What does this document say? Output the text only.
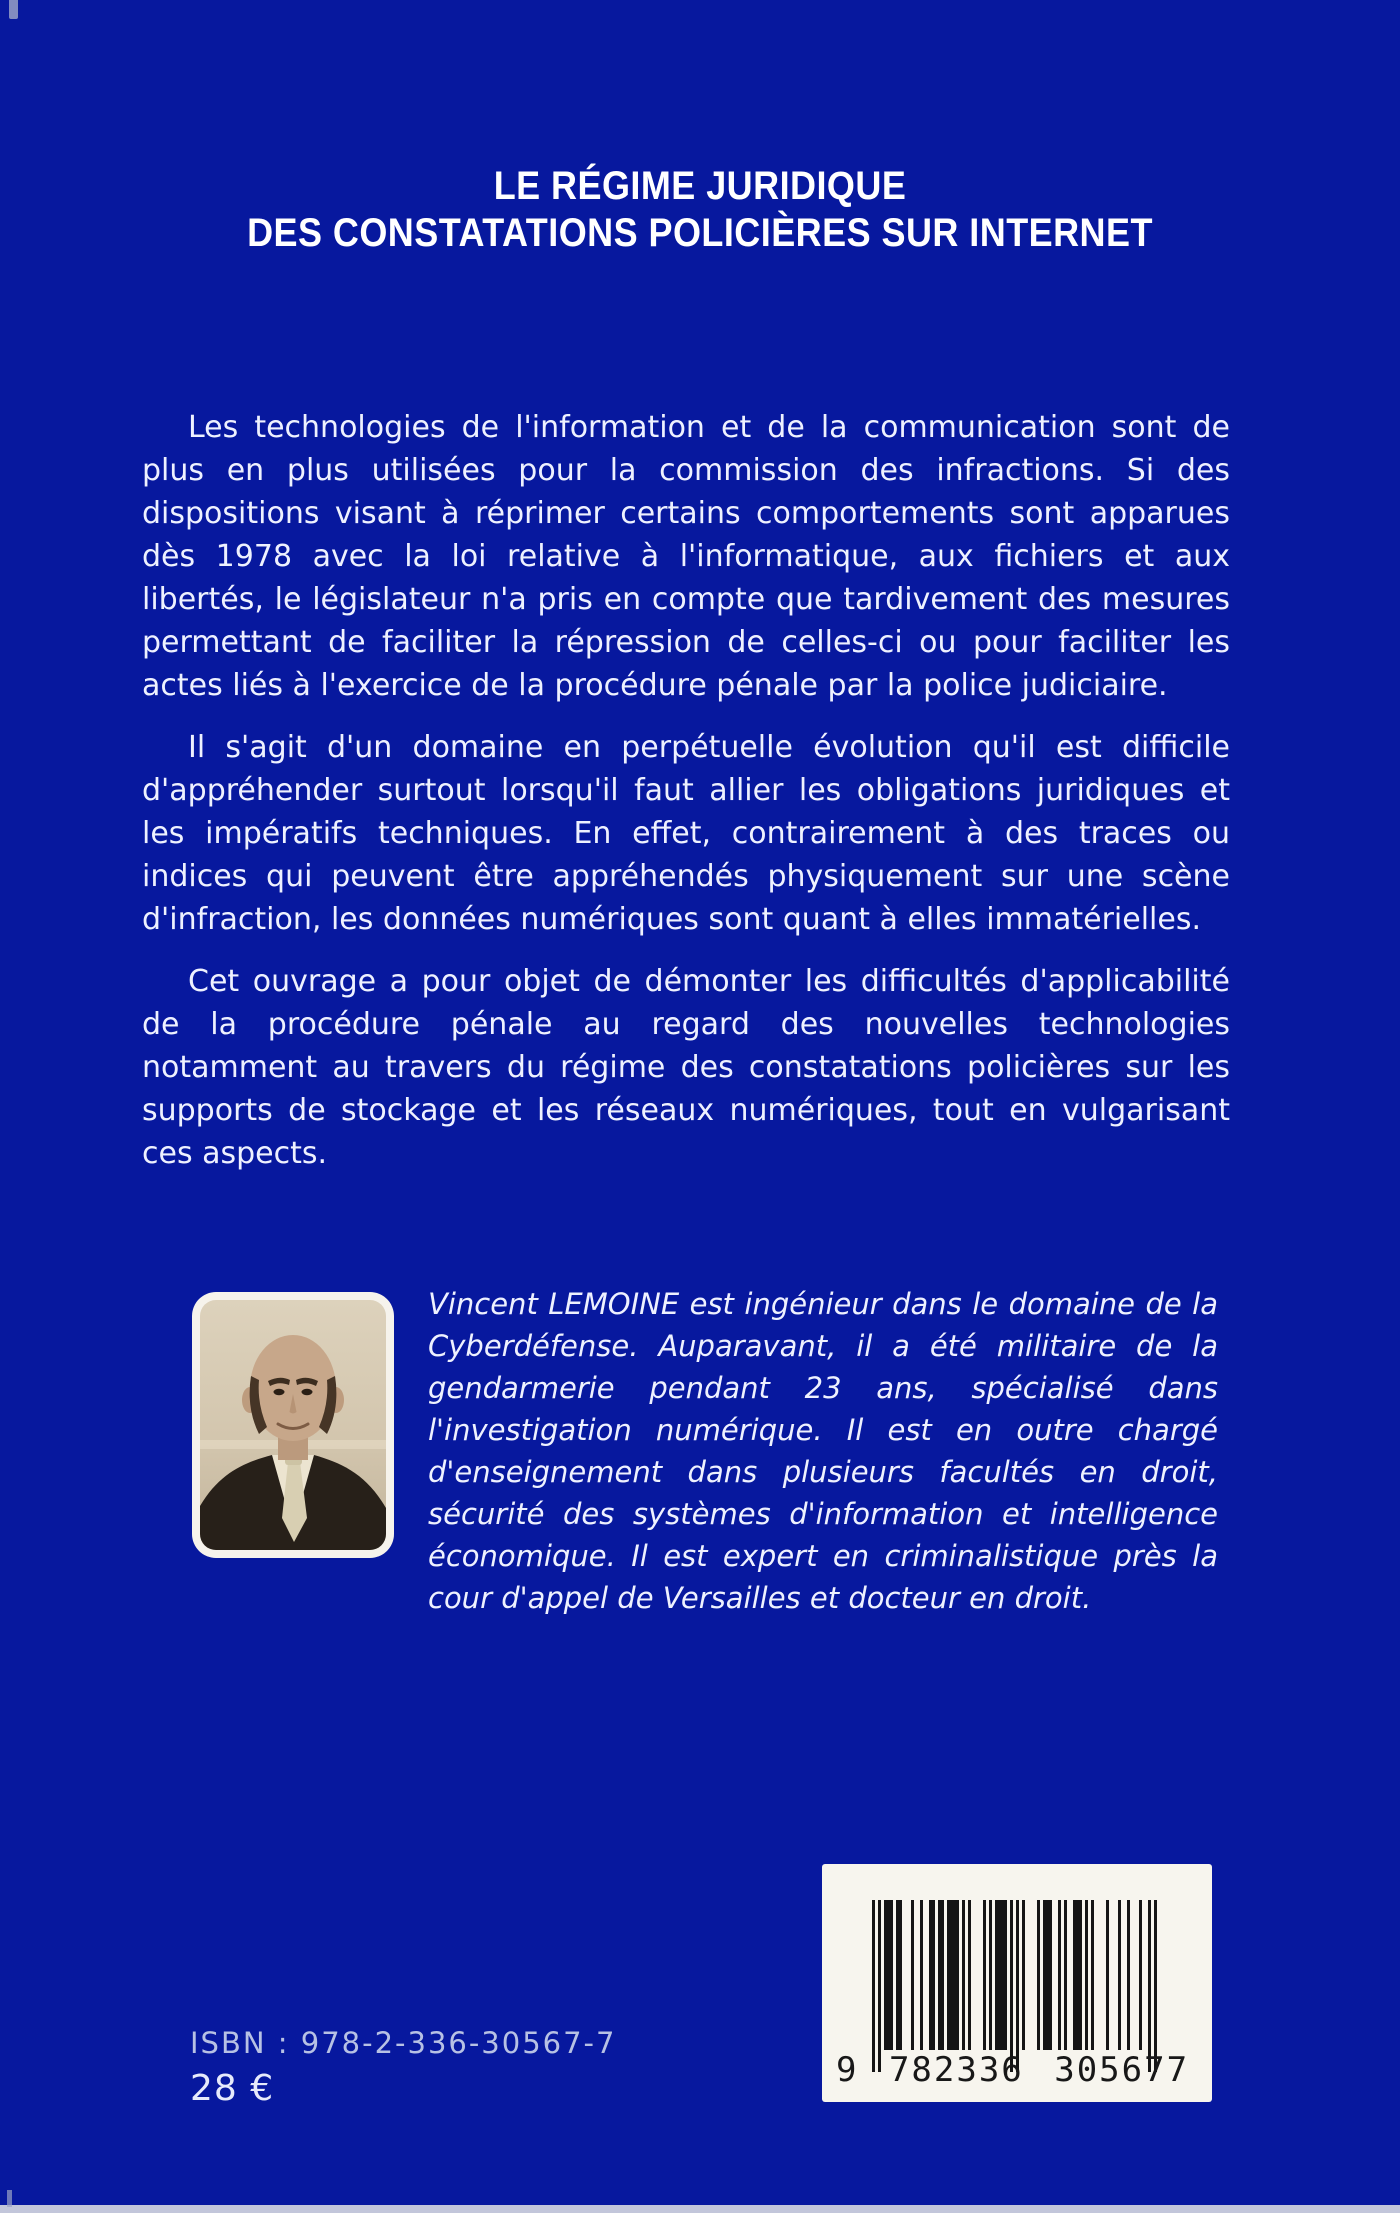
LE RÉGIME JURIDIQUE
DES CONSTATATIONS POLICIÈRES SUR INTERNET

Les technologies de l'information et de la communication sont de plus en plus utilisées pour la commission des infractions. Si des dispositions visant à réprimer certains comportements sont apparues dès 1978 avec la loi relative à l'informatique, aux fichiers et aux libertés, le législateur n'a pris en compte que tardivement des mesures permettant de faciliter la répression de celles-ci ou pour faciliter les actes liés à l'exercice de la procédure pénale par la police judiciaire.

Il s'agit d'un domaine en perpétuelle évolution qu'il est difficile d'appréhender surtout lorsqu'il faut allier les obligations juridiques et les impératifs techniques. En effet, contrairement à des traces ou indices qui peuvent être appréhendés physiquement sur une scène d'infraction, les données numériques sont quant à elles immatérielles.

Cet ouvrage a pour objet de démonter les difficultés d'applicabilité de la procédure pénale au regard des nouvelles technologies notamment au travers du régime des constatations policières sur les supports de stockage et les réseaux numériques, tout en vulgarisant ces aspects.

Vincent LEMOINE est ingénieur dans le domaine de la Cyberdéfense. Auparavant, il a été militaire de la gendarmerie pendant 23 ans, spécialisé dans l'investigation numérique. Il est en outre chargé d'enseignement dans plusieurs facultés en droit, sécurité des systèmes d'information et intelligence économique. Il est expert en criminalistique près la cour d'appel de Versailles et docteur en droit.
9 782336 305677
ISBN : 978-2-336-30567-7
28 €
